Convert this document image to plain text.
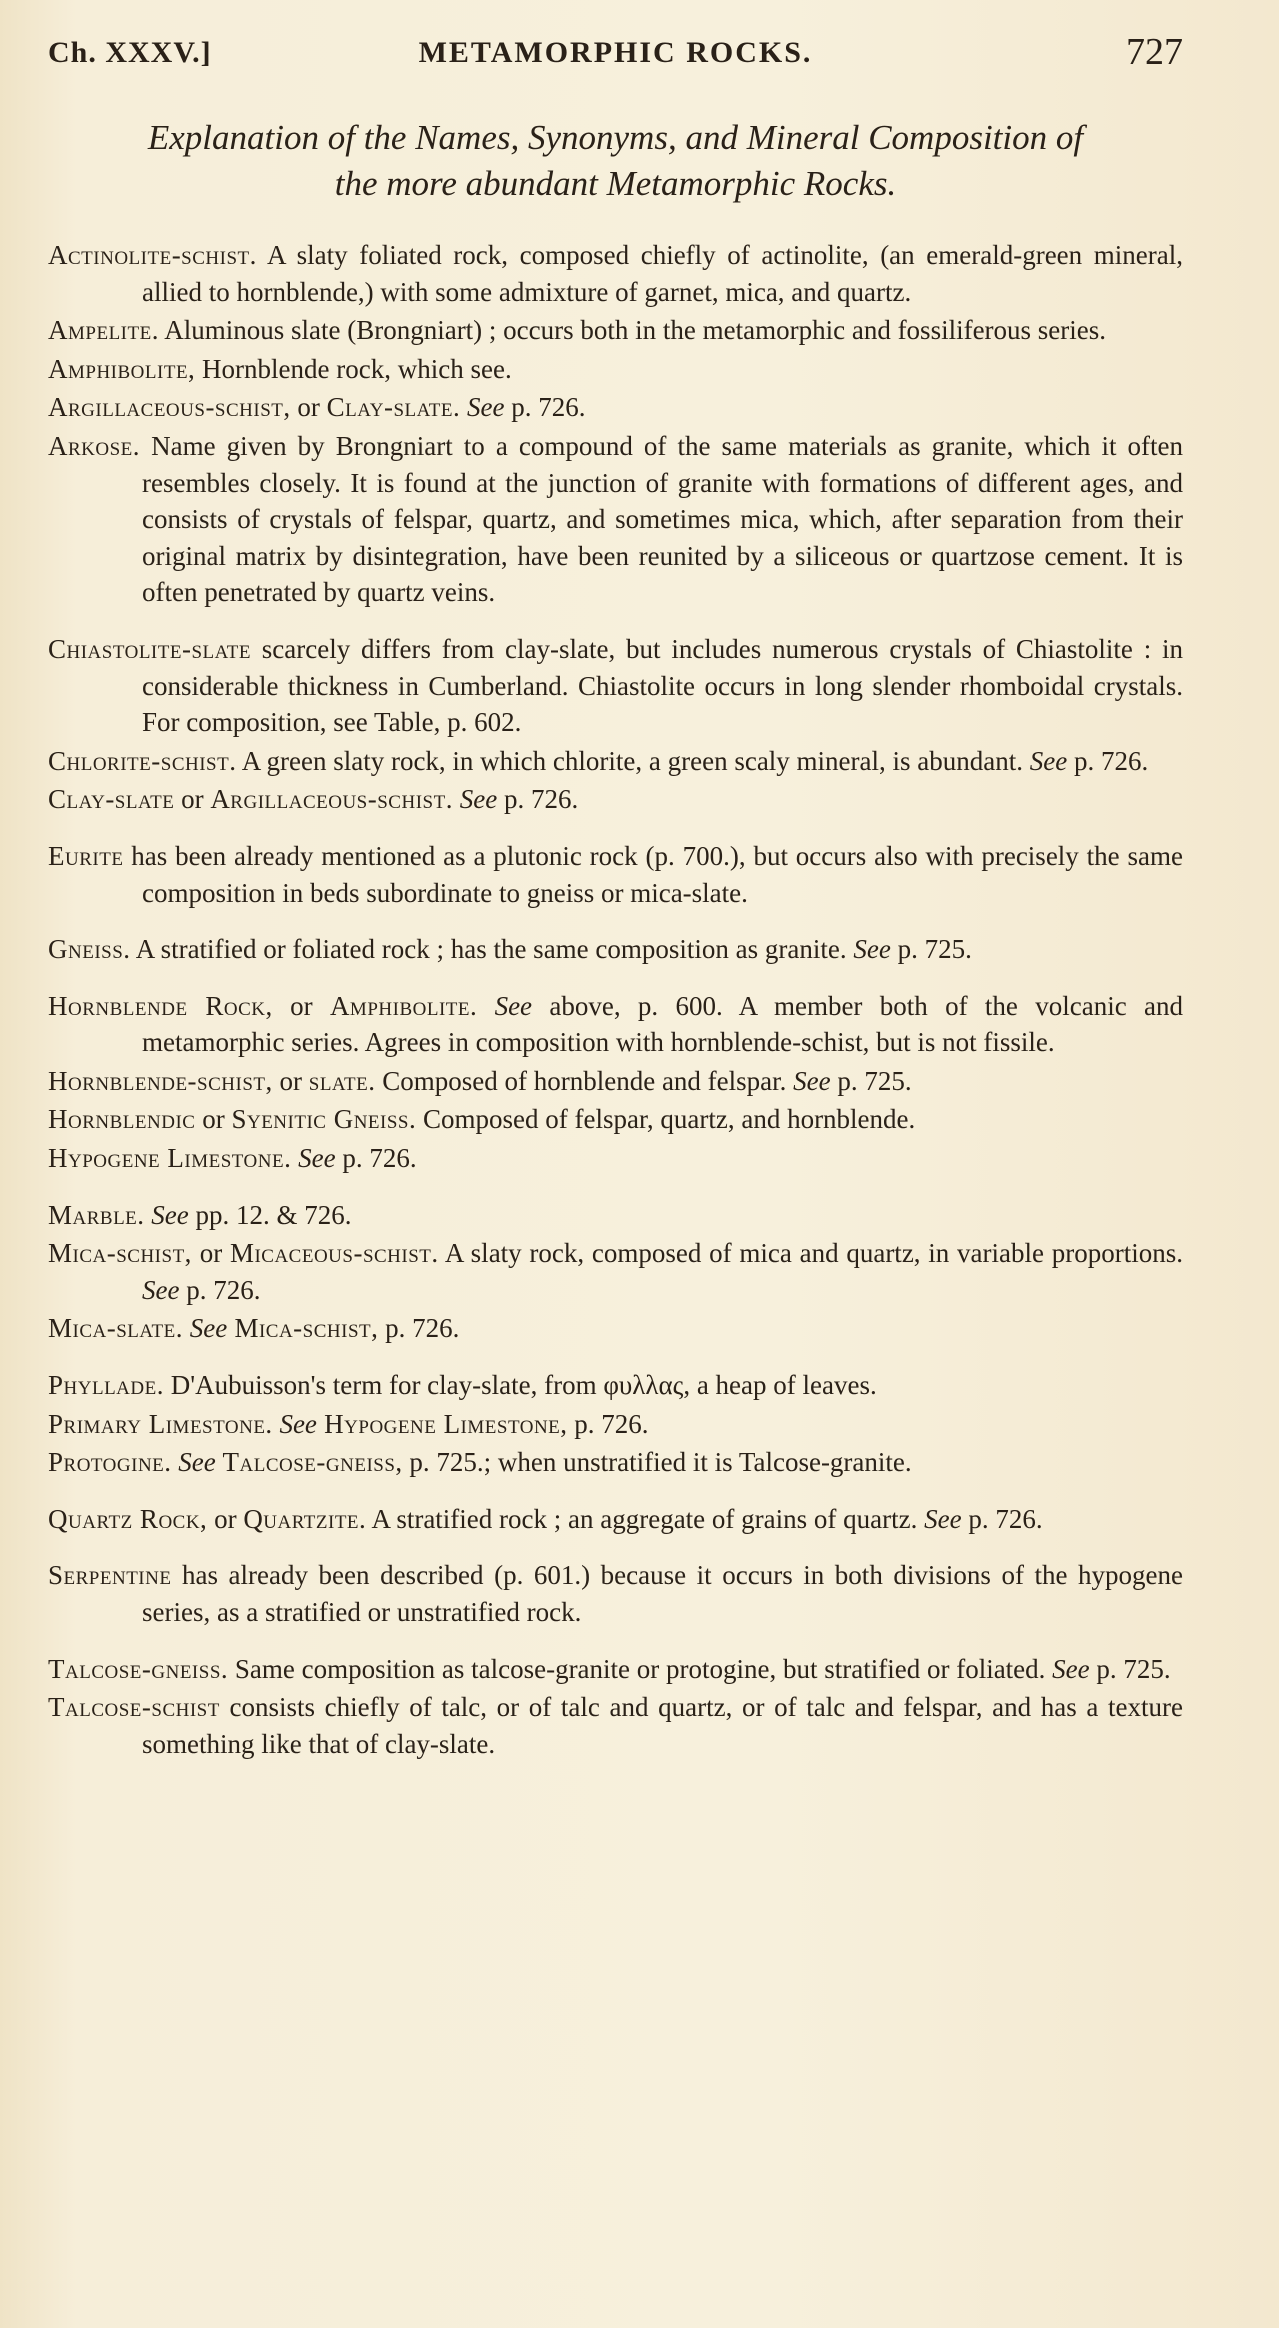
Ch. XXXV.]	METAMORPHIC ROCKS.	727
Explanation of the Names, Synonyms, and Mineral Composition of
the more abundant Metamorphic Rocks.

Actinolite-schist. A slaty foliated rock, composed chiefly of actinolite, (an emerald-green mineral, allied to hornblende,) with some admixture of garnet, mica, and quartz.

Ampelite. Aluminous slate (Brongniart) ; occurs both in the metamorphic and fossiliferous series.

Amphibolite, Hornblende rock, which see.

Argillaceous-schist, or Clay-slate. See p. 726.

Arkose. Name given by Brongniart to a compound of the same materials as granite, which it often resembles closely. It is found at the junction of granite with formations of different ages, and consists of crystals of felspar, quartz, and sometimes mica, which, after separation from their original matrix by disintegration, have been reunited by a siliceous or quartzose cement. It is often penetrated by quartz veins.

Chiastolite-slate scarcely differs from clay-slate, but includes numerous crystals of Chiastolite : in considerable thickness in Cumberland. Chiastolite occurs in long slender rhomboidal crystals. For composition, see Table, p. 602.

Chlorite-schist. A green slaty rock, in which chlorite, a green scaly mineral, is abundant. See p. 726.

Clay-slate or Argillaceous-schist. See p. 726.

Eurite has been already mentioned as a plutonic rock (p. 700.), but occurs also with precisely the same composition in beds subordinate to gneiss or mica-slate.

Gneiss. A stratified or foliated rock ; has the same composition as granite. See p. 725.

Hornblende Rock, or Amphibolite. See above, p. 600. A member both of the volcanic and metamorphic series. Agrees in composition with hornblende-schist, but is not fissile.

Hornblende-schist, or slate. Composed of hornblende and felspar. See p. 725.

Hornblendic or Syenitic Gneiss. Composed of felspar, quartz, and hornblende.

Hypogene Limestone. See p. 726.

Marble. See pp. 12. & 726.

Mica-schist, or Micaceous-schist. A slaty rock, composed of mica and quartz, in variable proportions. See p. 726.

Mica-slate. See Mica-schist, p. 726.

Phyllade. D'Aubuisson's term for clay-slate, from φυλλας, a heap of leaves.

Primary Limestone. See Hypogene Limestone, p. 726.

Protogine. See Talcose-gneiss, p. 725.; when unstratified it is Talcose-granite.

Quartz Rock, or Quartzite. A stratified rock ; an aggregate of grains of quartz. See p. 726.

Serpentine has already been described (p. 601.) because it occurs in both divisions of the hypogene series, as a stratified or unstratified rock.

Talcose-gneiss. Same composition as talcose-granite or protogine, but stratified or foliated. See p. 725.

Talcose-schist consists chiefly of talc, or of talc and quartz, or of talc and felspar, and has a texture something like that of clay-slate.
